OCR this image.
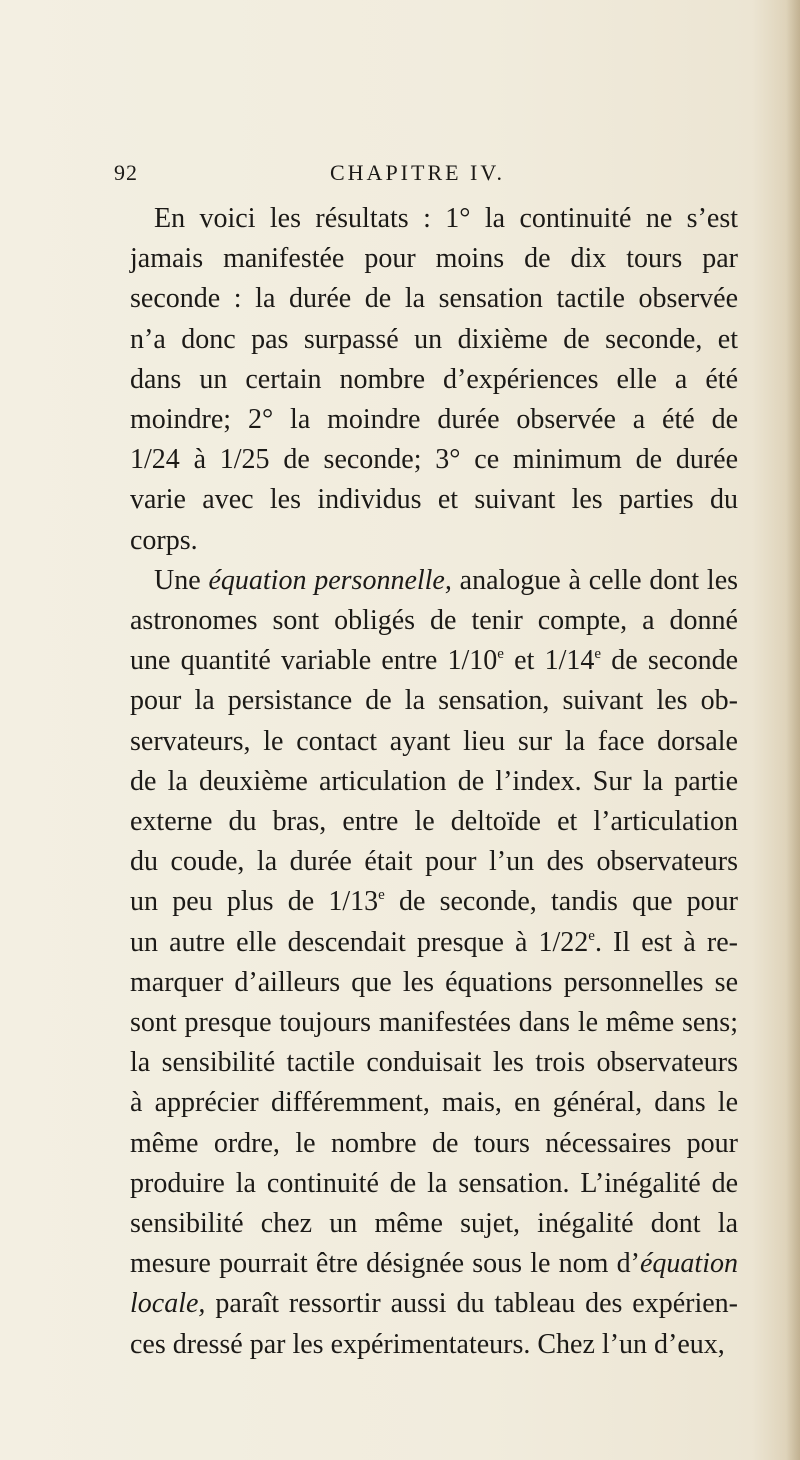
92	CHAPITRE IV.
En voici les résultats : 1° la continuité ne s’est
jamais manifestée pour moins de dix tours par
seconde : la durée de la sensation tactile observée
n’a donc pas surpassé un dixième de seconde, et
dans un certain nombre d’expériences elle a été
moindre; 2° la moindre durée observée a été de
1/24 à 1/25 de seconde; 3° ce minimum de durée
varie avec les individus et suivant les parties du
corps.
Une équation personnelle, analogue à celle dont les
astronomes sont obligés de tenir compte, a donné
une quantité variable entre 1/10e et 1/14e de seconde
pour la persistance de la sensation, suivant les ob-
servateurs, le contact ayant lieu sur la face dorsale
de la deuxième articulation de l’index. Sur la partie
externe du bras, entre le deltoïde et l’articulation
du coude, la durée était pour l’un des observateurs
un peu plus de 1/13e de seconde, tandis que pour
un autre elle descendait presque à 1/22e. Il est à re-
marquer d’ailleurs que les équations personnelles se
sont presque toujours manifestées dans le même sens;
la sensibilité tactile conduisait les trois observateurs
à apprécier différemment, mais, en général, dans le
même ordre, le nombre de tours nécessaires pour
produire la continuité de la sensation. L’inégalité de
sensibilité chez un même sujet, inégalité dont la
mesure pourrait être désignée sous le nom d’équation
locale, paraît ressortir aussi du tableau des expérien-
ces dressé par les expérimentateurs. Chez l’un d’eux,
